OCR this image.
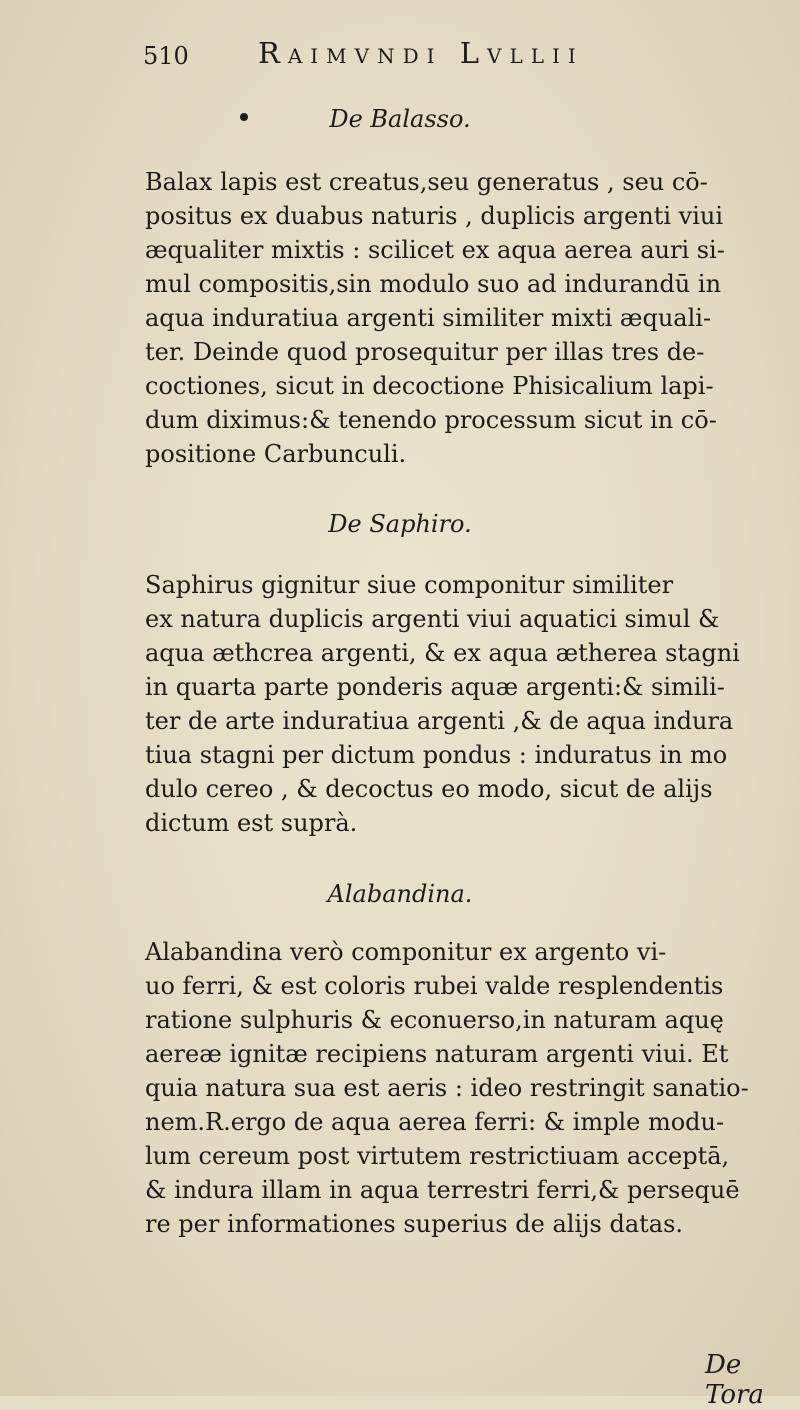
510 Raimvndi Lvllii
De Balasso.
Balax lapis est creatus,seu generatus , seu cō-
positus ex duabus naturis , duplicis argenti viui
æqualiter mixtis : scilicet ex aqua aerea auri si-
mul compositis,sin modulo suo ad indurandū in
aqua induratiua argenti similiter mixti æquali-
ter. Deinde quod prosequitur per illas tres de-
coctiones, sicut in decoctione Phisicalium lapi-
dum diximus:& tenendo processum sicut in cō-
positione Carbunculi.
De Saphiro.
Saphirus gignitur siue componitur similiter
ex natura duplicis argenti viui aquatici simul &
aqua æthcrea argenti, & ex aqua ætherea stagni
in quarta parte ponderis aquæ argenti:& simili-
ter de arte induratiua argenti ,& de aqua indura
tiua stagni per dictum pondus : induratus in mo
dulo cereo , & decoctus eo modo, sicut de alijs
dictum est suprà.
Alabandina.
Alabandina verò componitur ex argento vi-
uo ferri, & est coloris rubei valde resplendentis
ratione sulphuris & econuerso,in naturam aquę
aereæ ignitæ recipiens naturam argenti viui. Et
quia natura sua est aeris : ideo restringit sanatio-
nem.R.ergo de aqua aerea ferri: & imple modu-
lum cereum post virtutem restrictiuam acceptā,
& indura illam in aqua terrestri ferri,& persequē
re per informationes superius de alijs datas.
De Tora
